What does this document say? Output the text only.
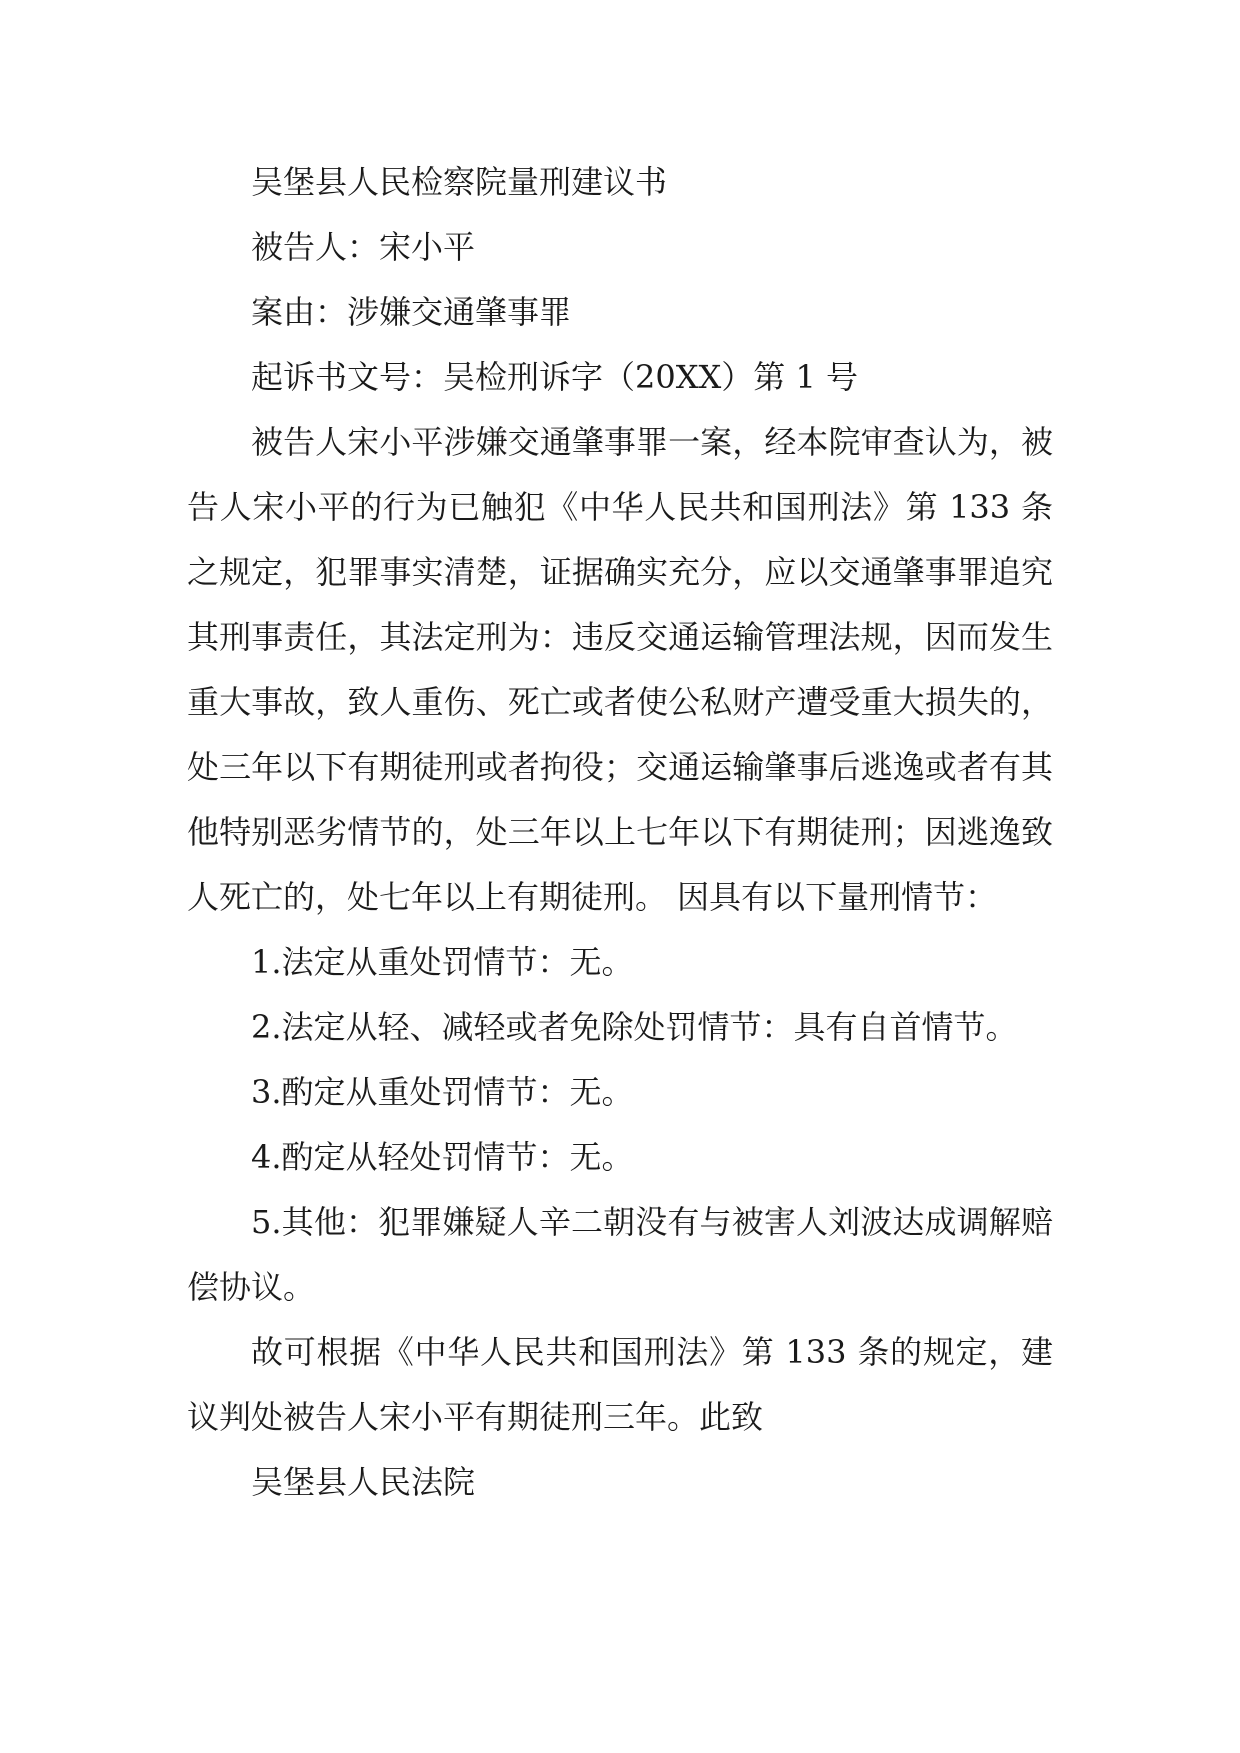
吴堡县人民检察院量刑建议书

被告人：宋小平

案由：涉嫌交通肇事罪

起诉书文号：吴检刑诉字（20XX）第 1 号

被告人宋小平涉嫌交通肇事罪一案，经本院审查认为，被告人宋小平的行为已触犯《中华人民共和国刑法》第 133 条之规定，犯罪事实清楚，证据确实充分，应以交通肇事罪追究其刑事责任，其法定刑为：违反交通运输管理法规，因而发生重大事故，致人重伤、死亡或者使公私财产遭受重大损失的，处三年以下有期徒刑或者拘役；交通运输肇事后逃逸或者有其他特别恶劣情节的，处三年以上七年以下有期徒刑；因逃逸致人死亡的，处七年以上有期徒刑。 因具有以下量刑情节：

1.法定从重处罚情节：无。

2.法定从轻、减轻或者免除处罚情节：具有自首情节。

3.酌定从重处罚情节：无。

4.酌定从轻处罚情节：无。

5.其他：犯罪嫌疑人辛二朝没有与被害人刘波达成调解赔偿协议。

故可根据《中华人民共和国刑法》第 133 条的规定，建议判处被告人宋小平有期徒刑三年。此致

吴堡县人民法院
